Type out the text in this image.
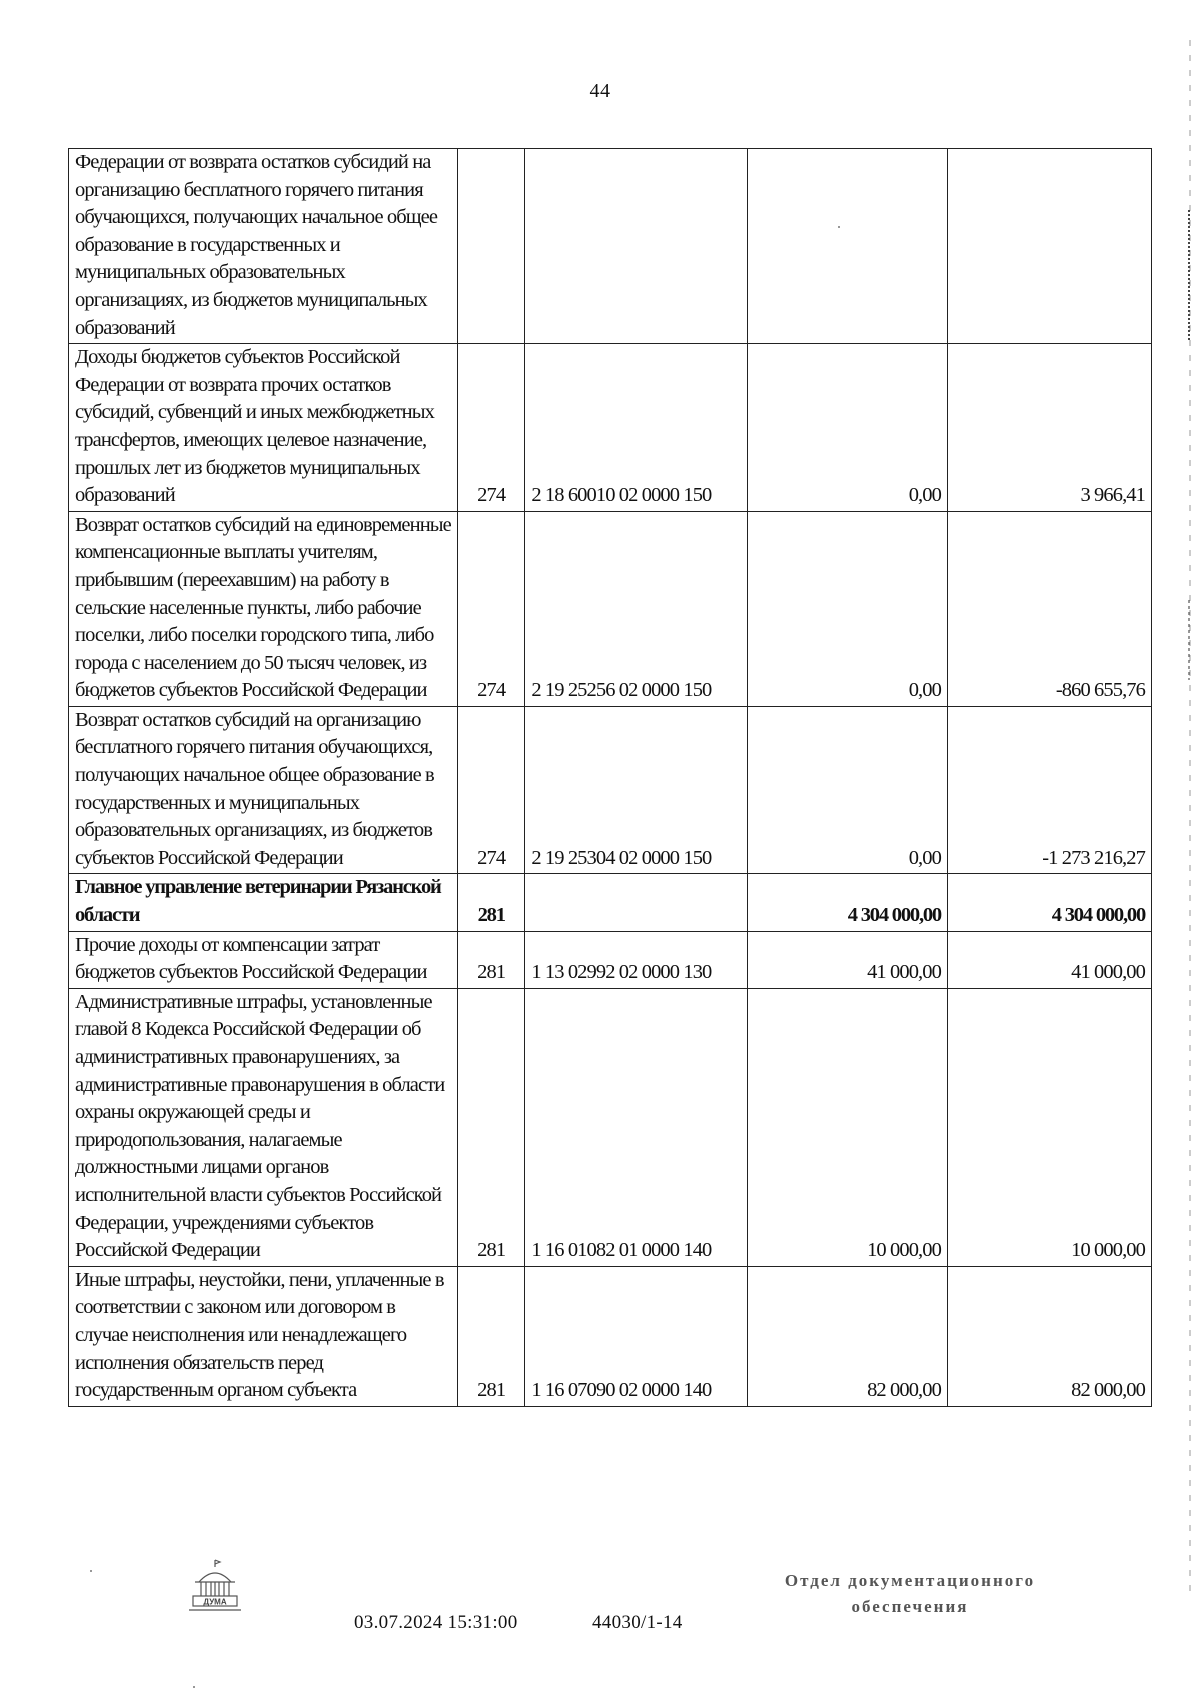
44
Федерации от возврата остатков субсидий на организацию бесплатного горячего питания обучающихся, получающих начальное общее образование в государственных и муниципальных образовательных организациях, из бюджетов муниципальных образований				
Доходы бюджетов субъектов Российской Федерации от возврата прочих остатков субсидий, субвенций и иных межбюджетных трансфертов, имеющих целевое назначение, прошлых лет из бюджетов муниципальных образований	274	2 18 60010 02 0000 150	0,00	3 966,41
Возврат остатков субсидий на единовременные компенсационные выплаты учителям, прибывшим (переехавшим) на работу в сельские населенные пункты, либо рабочие поселки, либо поселки городского типа, либо города с населением до 50 тысяч человек, из бюджетов субъектов Российской Федерации	274	2 19 25256 02 0000 150	0,00	-860 655,76
Возврат остатков субсидий на организацию бесплатного горячего питания обучающихся, получающих начальное общее образование в государственных и муниципальных образовательных организациях, из бюджетов субъектов Российской Федерации	274	2 19 25304 02 0000 150	0,00	-1 273 216,27
Главное управление ветеринарии Рязанской области	281		4 304 000,00	4 304 000,00
Прочие доходы от компенсации затрат бюджетов субъектов Российской Федерации	281	1 13 02992 02 0000 130	41 000,00	41 000,00
Административные штрафы, установленные главой 8 Кодекса Российской Федерации об административных правонарушениях, за административные правонарушения в области охраны окружающей среды и природопользования, налагаемые должностными лицами органов исполнительной власти субъектов Российской Федерации, учреждениями субъектов Российской Федерации	281	1 16 01082 01 0000 140	10 000,00	10 000,00
Иные штрафы, неустойки, пени, уплаченные в соответствии с законом или договором в случае неисполнения или ненадлежащего исполнения обязательств перед государственным органом субъекта	281	1 16 07090 02 0000 140	82 000,00	82 000,00
ДУМА
03.07.2024 15:31:00	44030/1-14
Отдел документационного обеспечения
